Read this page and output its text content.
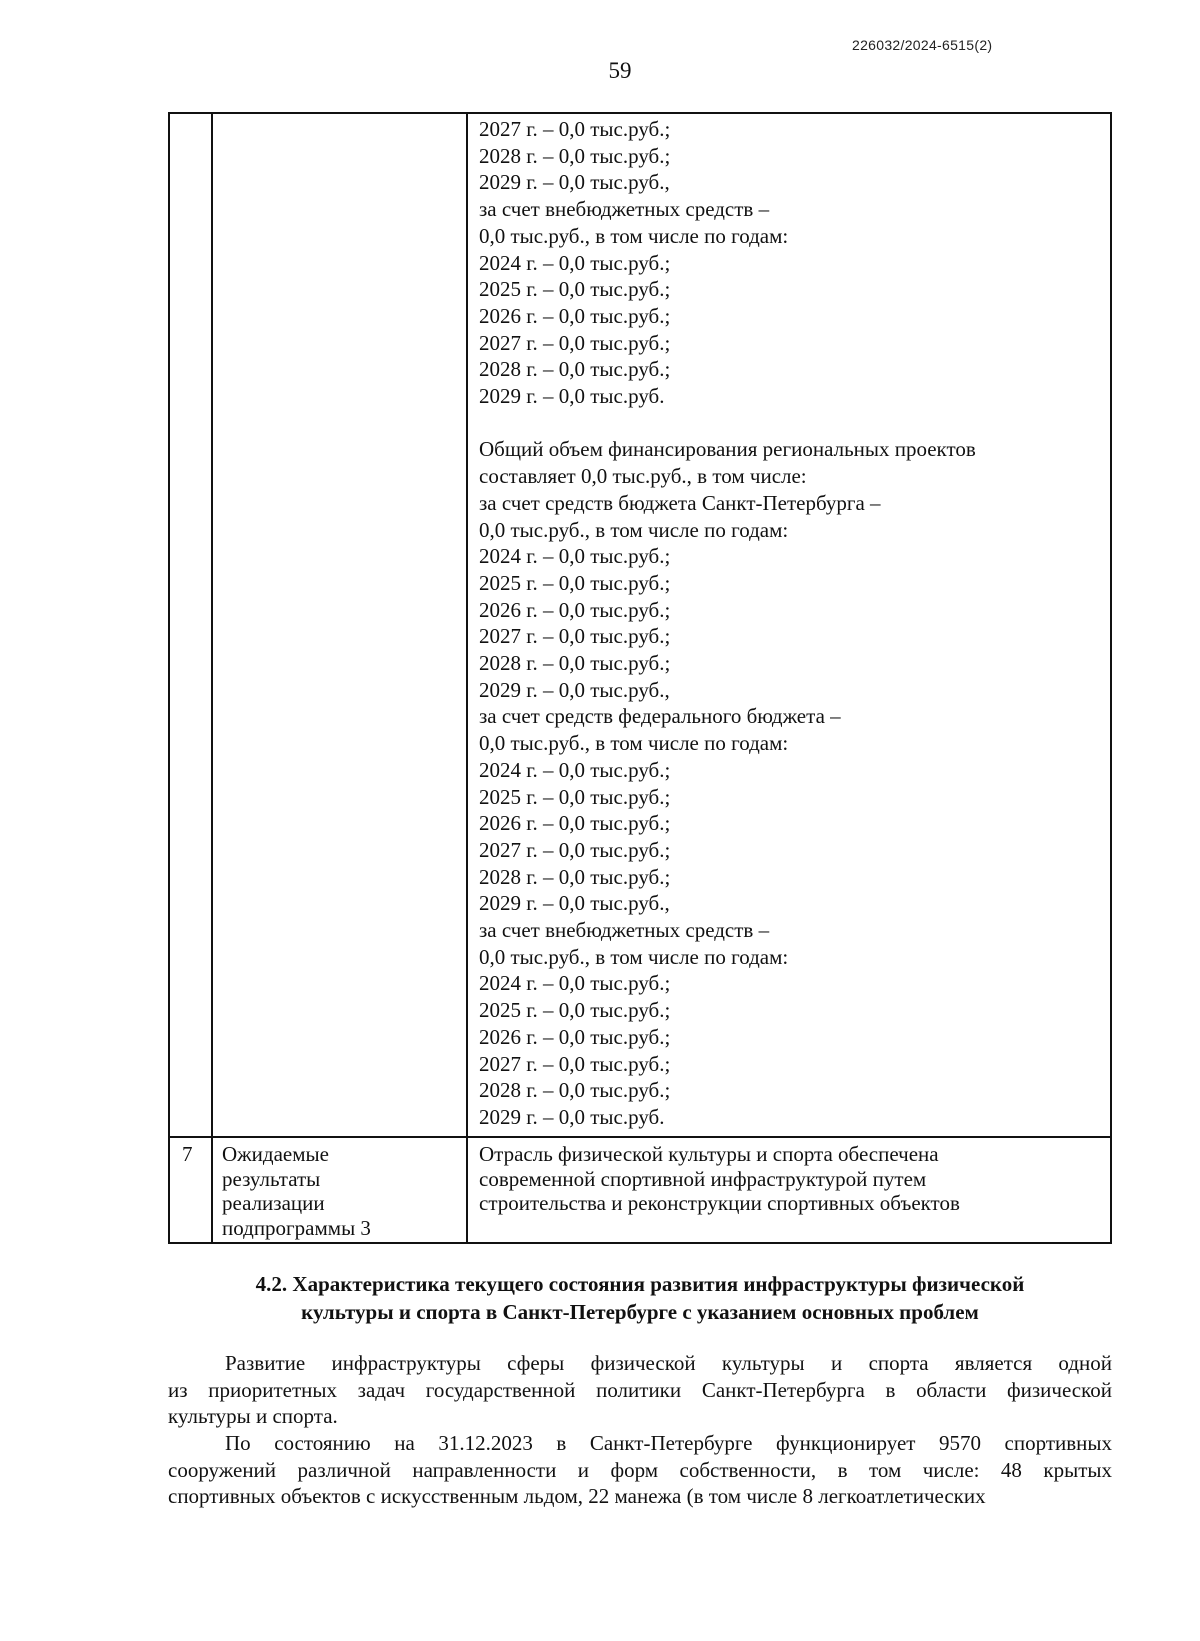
226032/2024-6515(2)
59
2027 г. – 0,0 тыс.руб.;
2028 г. – 0,0 тыс.руб.;
2029 г. – 0,0 тыс.руб.,
за счет внебюджетных средств –
0,0 тыс.руб., в том числе по годам:
2024 г. – 0,0 тыс.руб.;
2025 г. – 0,0 тыс.руб.;
2026 г. – 0,0 тыс.руб.;
2027 г. – 0,0 тыс.руб.;
2028 г. – 0,0 тыс.руб.;
2029 г. – 0,0 тыс.руб.
Общий объем финансирования региональных проектов
составляет 0,0 тыс.руб., в том числе:
за счет средств бюджета Санкт-Петербурга –
0,0 тыс.руб., в том числе по годам:
2024 г. – 0,0 тыс.руб.;
2025 г. – 0,0 тыс.руб.;
2026 г. – 0,0 тыс.руб.;
2027 г. – 0,0 тыс.руб.;
2028 г. – 0,0 тыс.руб.;
2029 г. – 0,0 тыс.руб.,
за счет средств федерального бюджета –
0,0 тыс.руб., в том числе по годам:
2024 г. – 0,0 тыс.руб.;
2025 г. – 0,0 тыс.руб.;
2026 г. – 0,0 тыс.руб.;
2027 г. – 0,0 тыс.руб.;
2028 г. – 0,0 тыс.руб.;
2029 г. – 0,0 тыс.руб.,
за счет внебюджетных средств –
0,0 тыс.руб., в том числе по годам:
2024 г. – 0,0 тыс.руб.;
2025 г. – 0,0 тыс.руб.;
2026 г. – 0,0 тыс.руб.;
2027 г. – 0,0 тыс.руб.;
2028 г. – 0,0 тыс.руб.;
2029 г. – 0,0 тыс.руб.
7 Ожидаемые
результаты
реализации
подпрограммы 3
Отрасль физической культуры и спорта обеспечена
современной спортивной инфраструктурой путем
строительства и реконструкции спортивных объектов
4.2. Характеристика текущего состояния развития инфраструктуры физической
культуры и спорта в Санкт-Петербурге с указанием основных проблем
Развитие инфраструктуры сферы физической культуры и спорта является одной
из приоритетных задач государственной политики Санкт-Петербурга в области физической
культуры и спорта.
По состоянию на 31.12.2023 в Санкт-Петербурге функционирует 9570 спортивных
сооружений различной направленности и форм собственности, в том числе: 48 крытых
спортивных объектов с искусственным льдом, 22 манежа (в том числе 8 легкоатлетических
